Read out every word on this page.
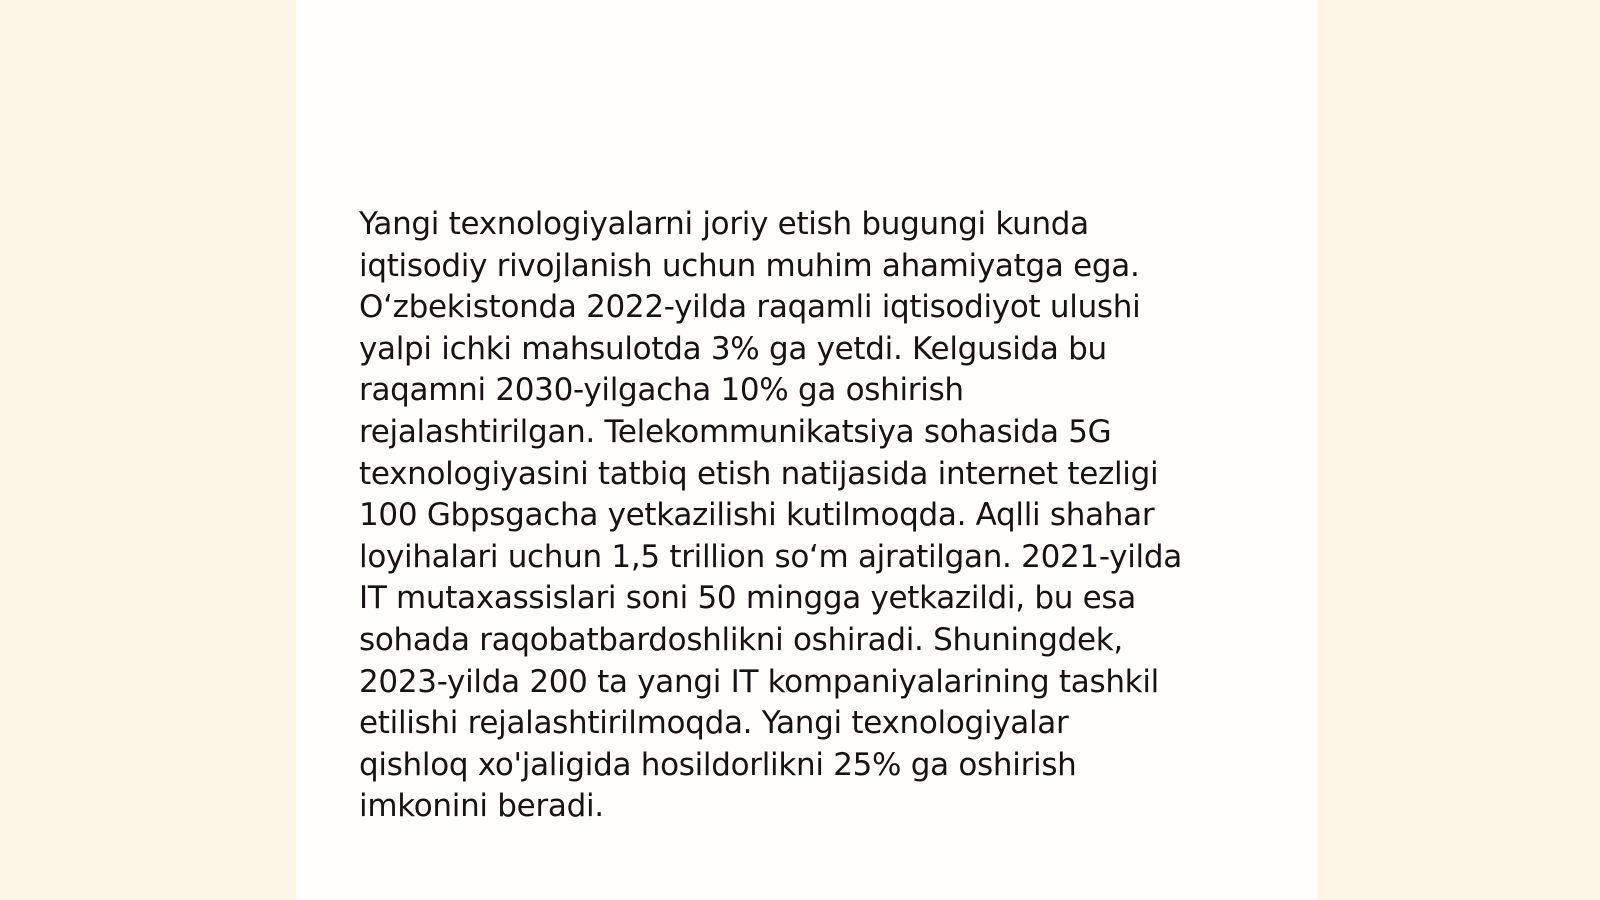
Yangi texnologiyalarni joriy etish bugungi kunda
iqtisodiy rivojlanish uchun muhim ahamiyatga ega.
O‘zbekistonda 2022-yilda raqamli iqtisodiyot ulushi
yalpi ichki mahsulotda 3% ga yetdi. Kelgusida bu
raqamni 2030-yilgacha 10% ga oshirish
rejalashtirilgan. Telekommunikatsiya sohasida 5G
texnologiyasini tatbiq etish natijasida internet tezligi
100 Gbpsgacha yetkazilishi kutilmoqda. Aqlli shahar
loyihalari uchun 1,5 trillion so‘m ajratilgan. 2021-yilda
IT mutaxassislari soni 50 mingga yetkazildi, bu esa
sohada raqobatbardoshlikni oshiradi. Shuningdek,
2023-yilda 200 ta yangi IT kompaniyalarining tashkil
etilishi rejalashtirilmoqda. Yangi texnologiyalar
qishloq xo'jaligida hosildorlikni 25% ga oshirish
imkonini beradi.
